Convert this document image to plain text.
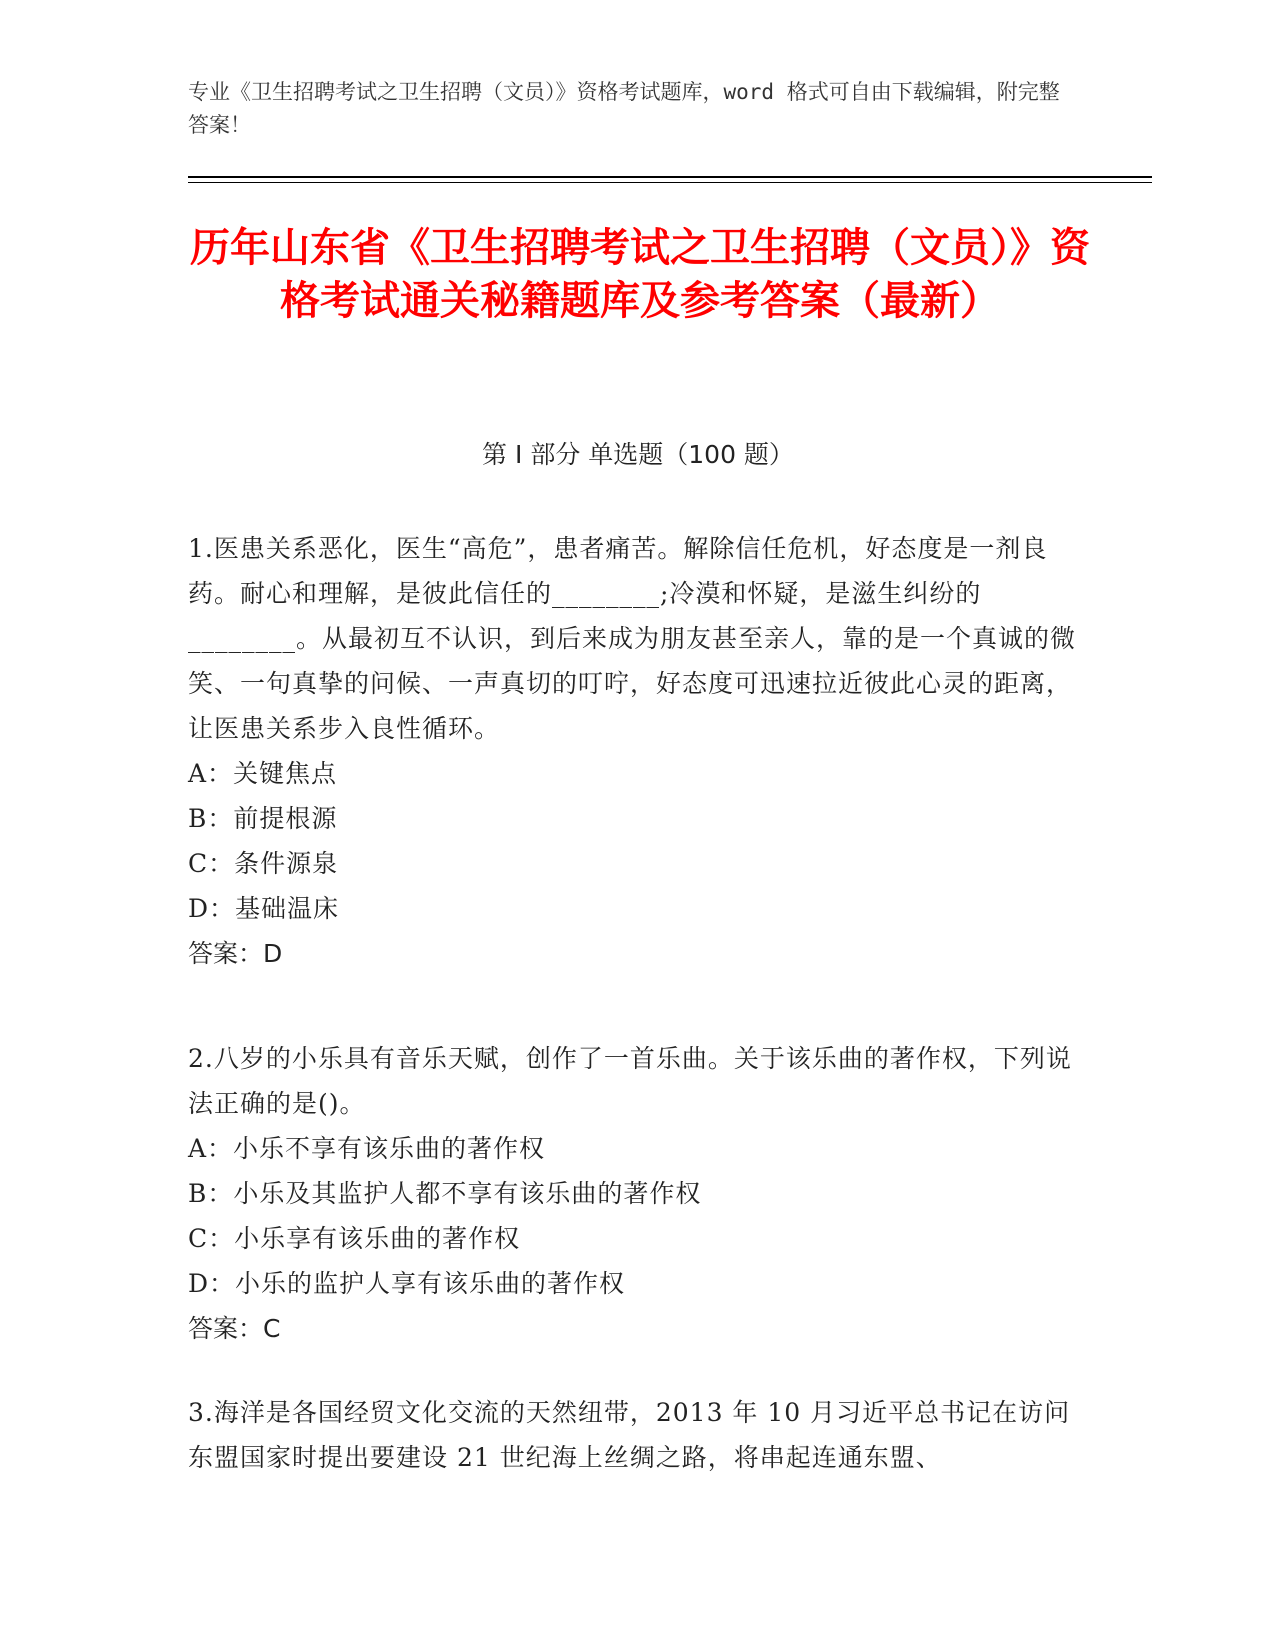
专业《卫生招聘考试之卫生招聘（文员）》资格考试题库，word 格式可自由下载编辑，附完整答案！
历年山东省《卫生招聘考试之卫生招聘（文员）》资格考试通关秘籍题库及参考答案（最新）
第 I 部分 单选题（100 题）
1.医患关系恶化，医生“高危”，患者痛苦。解除信任危机，好态度是一剂良药。耐心和理解，是彼此信任的________;冷漠和怀疑，是滋生纠纷的________。从最初互不认识，到后来成为朋友甚至亲人，靠的是一个真诚的微笑、一句真挚的问候、一声真切的叮咛，好态度可迅速拉近彼此心灵的距离，让医患关系步入良性循环。
A：关键焦点
B：前提根源
C：条件源泉
D：基础温床
答案：D
2.八岁的小乐具有音乐天赋，创作了一首乐曲。关于该乐曲的著作权，下列说法正确的是()。
A：小乐不享有该乐曲的著作权
B：小乐及其监护人都不享有该乐曲的著作权
C：小乐享有该乐曲的著作权
D：小乐的监护人享有该乐曲的著作权
答案：C
3.海洋是各国经贸文化交流的天然纽带，2013 年 10 月习近平总书记在访问东盟国家时提出要建设 21 世纪海上丝绸之路，将串起连通东盟、
